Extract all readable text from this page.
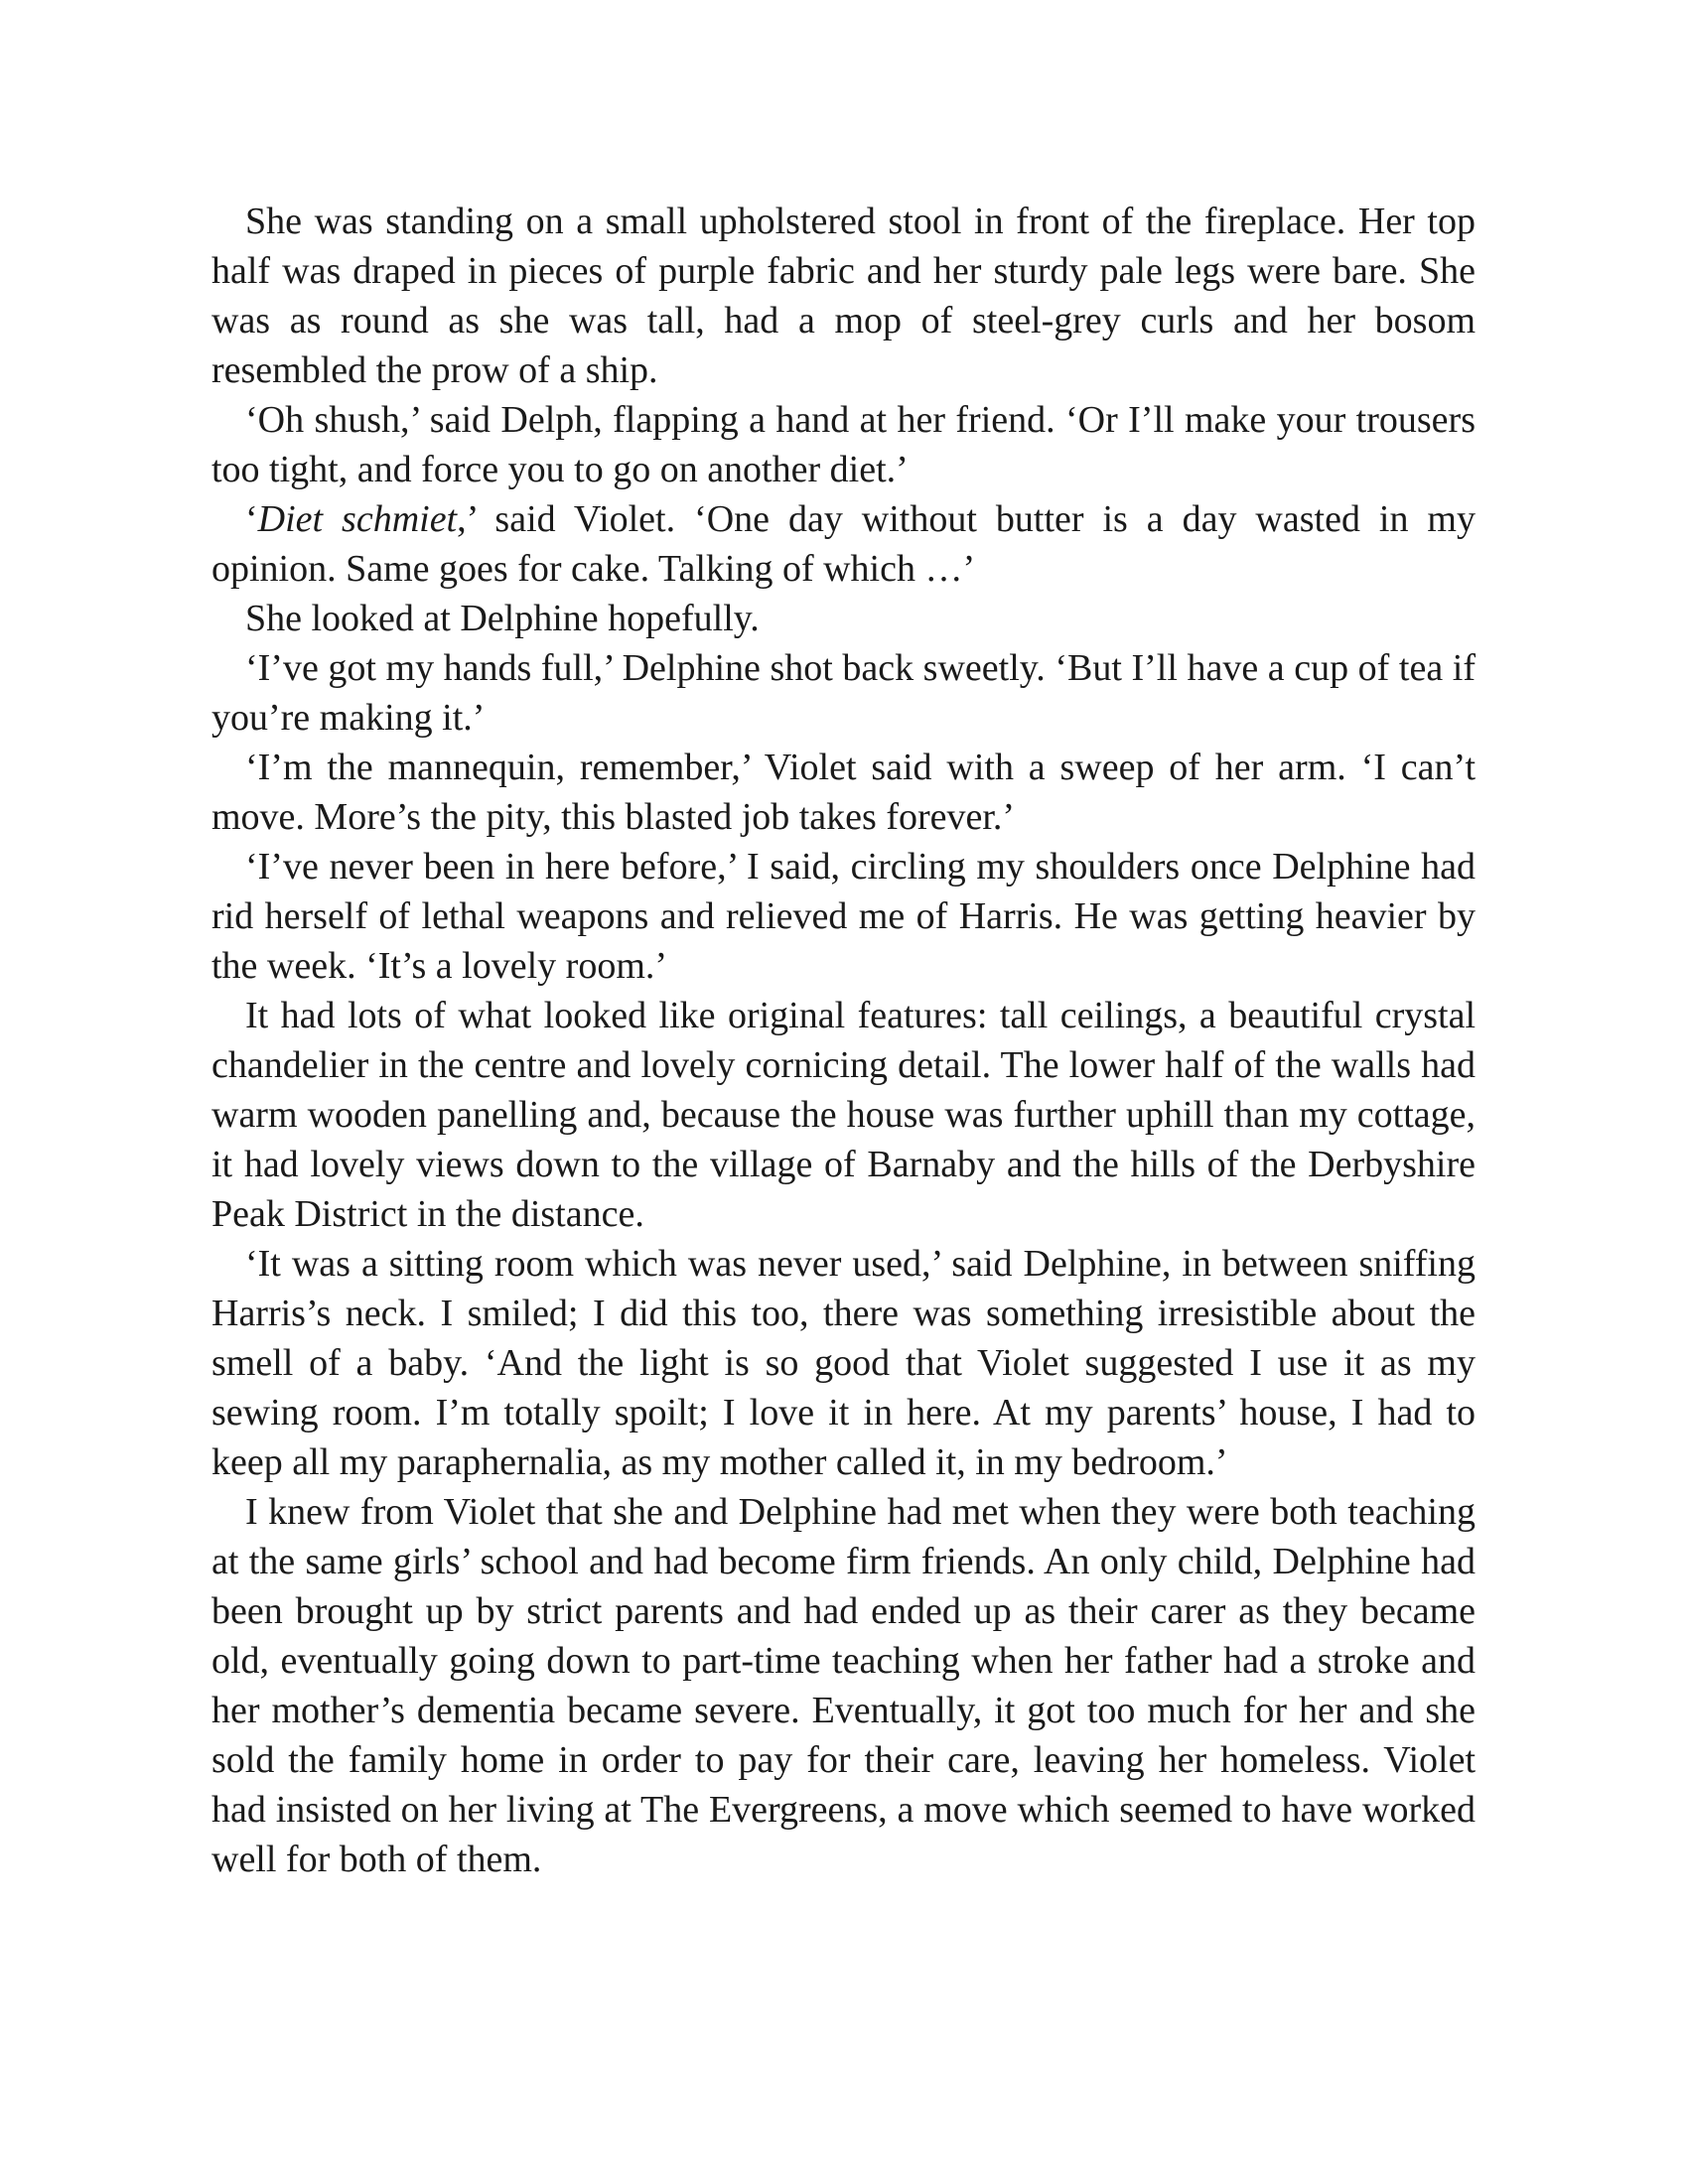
She was standing on a small upholstered stool in front of the fireplace. Her top half was draped in pieces of purple fabric and her sturdy pale legs were bare. She was as round as she was tall, had a mop of steel-grey curls and her bosom resembled the prow of a ship.

‘Oh shush,’ said Delph, flapping a hand at her friend. ‘Or I’ll make your trousers too tight, and force you to go on another diet.’

‘Diet schmiet,’ said Violet. ‘One day without butter is a day wasted in my opinion. Same goes for cake. Talking of which …’

She looked at Delphine hopefully.

‘I’ve got my hands full,’ Delphine shot back sweetly. ‘But I’ll have a cup of tea if you’re making it.’

‘I’m the mannequin, remember,’ Violet said with a sweep of her arm. ‘I can’t move. More’s the pity, this blasted job takes forever.’

‘I’ve never been in here before,’ I said, circling my shoulders once Delphine had rid herself of lethal weapons and relieved me of Harris. He was getting heavier by the week. ‘It’s a lovely room.’

It had lots of what looked like original features: tall ceilings, a beautiful crystal chandelier in the centre and lovely cornicing detail. The lower half of the walls had warm wooden panelling and, because the house was further uphill than my cottage, it had lovely views down to the village of Barnaby and the hills of the Derbyshire Peak District in the distance.

‘It was a sitting room which was never used,’ said Delphine, in between sniffing Harris’s neck. I smiled; I did this too, there was something irresistible about the smell of a baby. ‘And the light is so good that Violet suggested I use it as my sewing room. I’m totally spoilt; I love it in here. At my parents’ house, I had to keep all my paraphernalia, as my mother called it, in my bedroom.’

I knew from Violet that she and Delphine had met when they were both teaching at the same girls’ school and had become firm friends. An only child, Delphine had been brought up by strict parents and had ended up as their carer as they became old, eventually going down to part-time teaching when her father had a stroke and her mother’s dementia became severe. Eventually, it got too much for her and she sold the family home in order to pay for their care, leaving her homeless. Violet had insisted on her living at The Evergreens, a move which seemed to have worked well for both of them.
